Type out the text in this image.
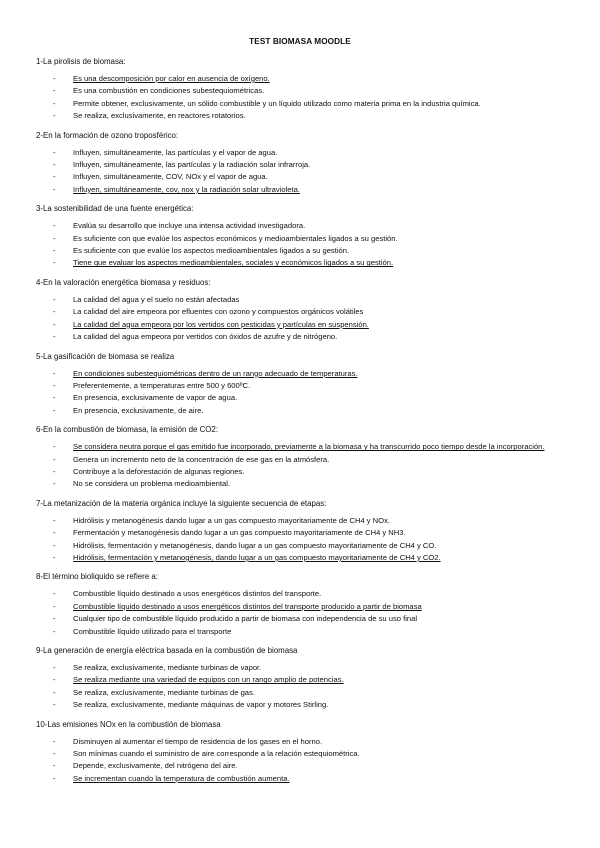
TEST BIOMASA MOODLE
1-La pirolisis de biomasa:
- Es una descomposición por calor en ausencia de oxígeno.
- Es una combustión en condiciones subestequiométricas.
- Permite obtener, exclusivamente, un sólido combustible y un líquido utilizado como materia prima en la industria química.
- Se realiza, exclusivamente, en reactores rotatorios.
2-En la formación de ozono troposférico:
- Influyen, simultáneamente, las partículas y el vapor de agua.
- Influyen, simultáneamente, las partículas y la radiación solar infrarroja.
- Influyen, simultáneamente, COV, NOx y el vapor de agua.
- Influyen, simultáneamente, cov, nox y la radiación solar ultravioleta.
3-La sostenibilidad de una fuente energética:
- Evalúa su desarrollo que incluye una intensa actividad investigadora.
- Es suficiente con que evalúe los aspectos económicos y medioambientales ligados a su gestión.
- Es suficiente con que evalúe los aspectos medioambientales ligados a su gestión.
- Tiene que evaluar los aspectos medioambientales, sociales y económicos ligados a su gestión.
4-En la valoración energética biomasa y residuos:
- La calidad del agua y el suelo no están afectadas
- La calidad del aire empeora por efluentes con ozono y compuestos orgánicos volátiles
- La calidad del agua empeora por los vertidos con pesticidas y partículas en suspensión.
- La calidad del agua empeora por vertidos con óxidos de azufre y de nitrógeno.
5-La gasificación de biomasa se realiza
- En condiciones subestequiométricas dentro de un rango adecuado de temperaturas.
- Preferentemente, a temperaturas entre 500 y 600ºC.
- En presencia, exclusivamente de vapor de agua.
- En presencia, exclusivamente, de aire.
6-En la combustión de biomasa, la emisión de CO2:
- Se considera neutra porque el gas emitido fue incorporado, previamente a la biomasa y ha transcurrido poco tiempo desde la incorporación.
- Genera un incremento neto de la concentración de ese gas en la atmósfera.
- Contribuye a la deforestación de algunas regiones.
- No se considera un problema medioambiental.
7-La metanización de la materia orgánica incluye la siguiente secuencia de etapas:
- Hidrólisis y metanogénesis dando lugar a un gas compuesto mayoritariamente de CH4 y NOx.
- Fermentación y metanogénesis dando lugar a un gas compuesto mayoritariamente de CH4 y NH3.
- Hidrólisis, fermentación y metanogénesis, dando lugar a un gas compuesto mayoritariamente de CH4 y CO.
- Hidrólisis, fermentación y metanogénesis, dando lugar a un gas compuesto mayoritariamente de CH4 y CO2.
8-El término bioliquido se refiere a:
- Combustible líquido destinado a usos energéticos distintos del transporte.
- Combustible líquido destinado a usos energéticos distintos del transporte producido a partir de biomasa
- Cualquier tipo de combustible líquido producido a partir de biomasa con independencia de su uso final
- Combustible líquido utilizado para el transporte
9-La generación de energía eléctrica basada en la combustión de biomasa
- Se realiza, exclusivamente, mediante turbinas de vapor.
- Se realiza mediante una variedad de equipos con un rango amplio de potencias.
- Se realiza, exclusivamente, mediante turbinas de gas.
- Se realiza, exclusivamente, mediante máquinas de vapor y motores Stirling.
10-Las emisiones NOx en la combustión de biomasa
- Disminuyen al aumentar el tiempo de residencia de los gases en el horno.
- Son mínimas cuando el suministro de aire corresponde a la relación estequiométrica.
- Depende, exclusivamente, del nitrógeno del aire.
- Se incrementan cuando la temperatura de combustión aumenta.
